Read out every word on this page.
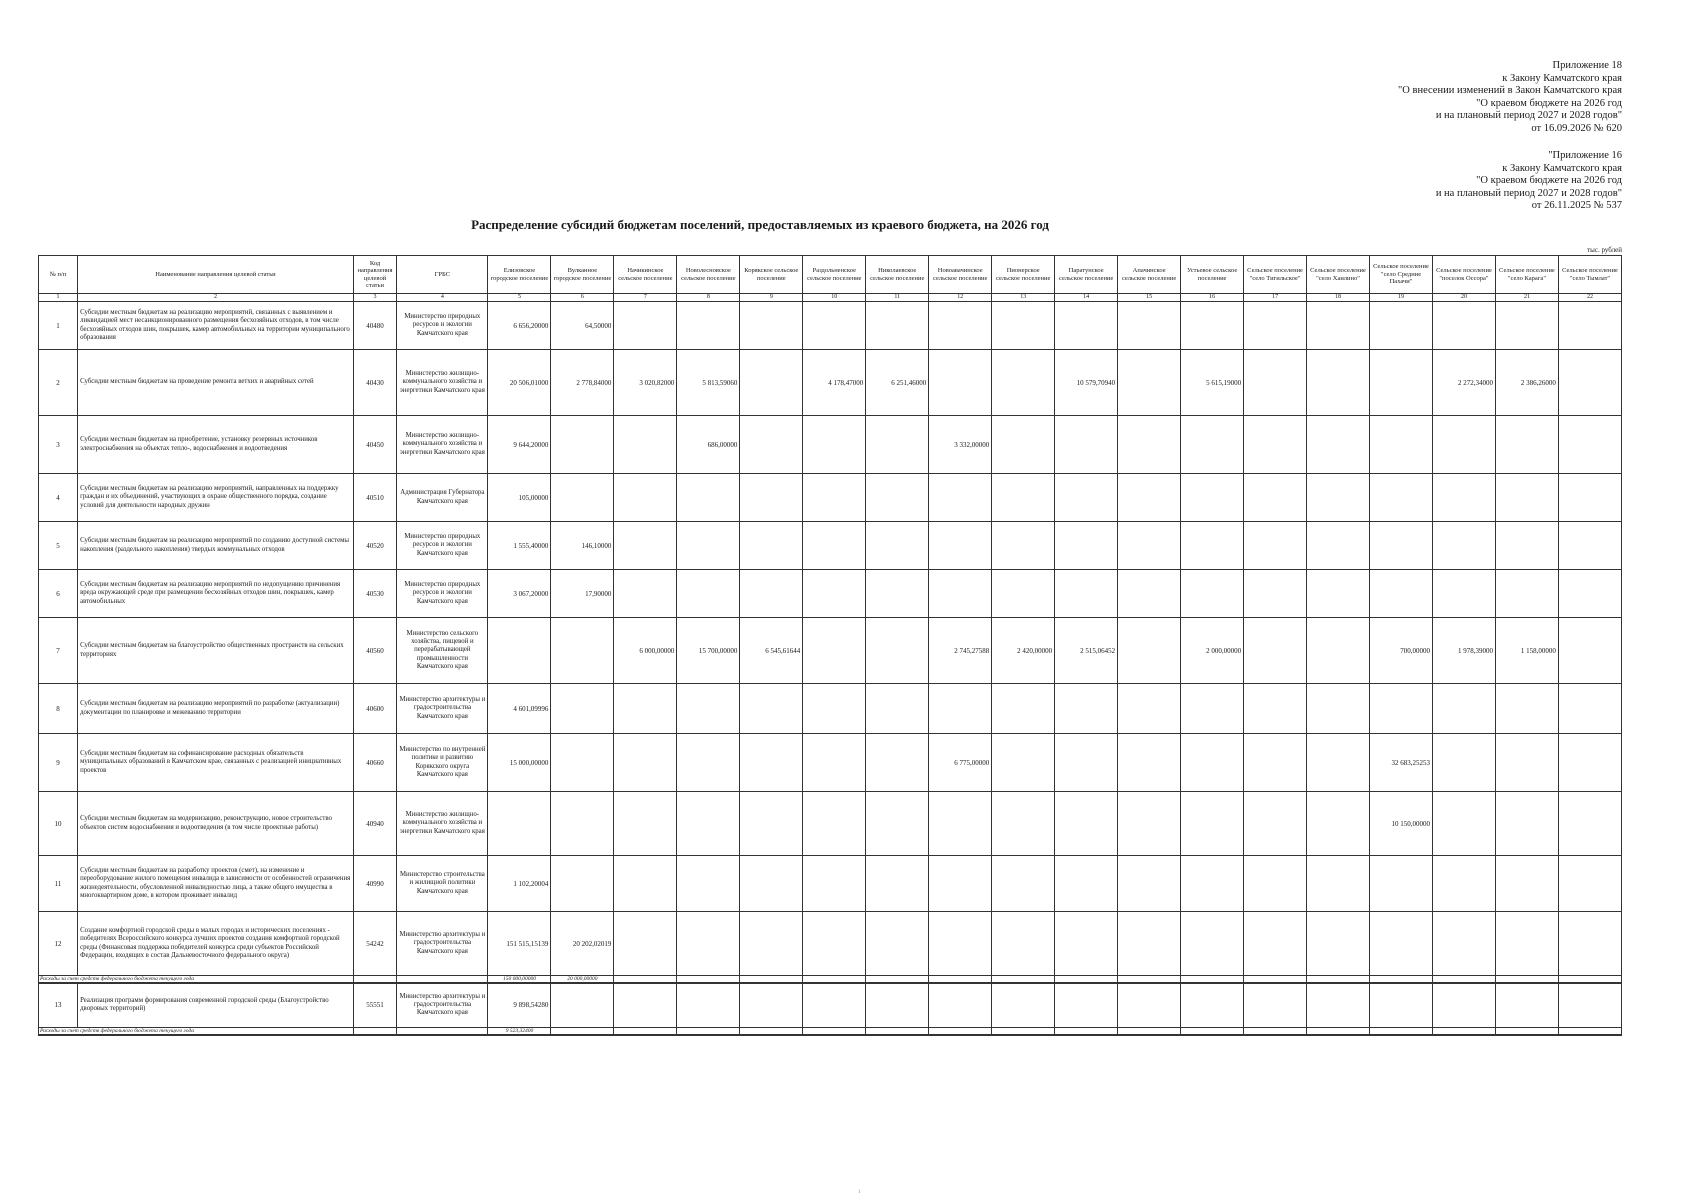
Приложение 18
к Закону Камчатского края
"О внесении изменений в Закон Камчатского края
"О краевом бюджете на 2026 год
и на плановый период 2027 и 2028 годов"
от 16.09.2026 № 620
"Приложение 16
к Закону Камчатского края
"О краевом бюджете на 2026 год
и на плановый период 2027 и 2028 годов"
от 26.11.2025 № 537
Распределение субсидий бюджетам поселений, предоставляемых из краевого бюджета, на 2026 год
тыс. рублей
№ п/п	Наименование направления целевой статьи	Код направления целевой статьи	ГРБС	Елизовское городское поселение	Вулканное городское поселение	Начикинское сельское поселение	Новолесновское сельское поселение	Корякское сельское поселение	Раздольненское сельское поселение	Николаевское сельское поселение	Новоавачинское сельское поселение	Пионерское сельское поселение	Паратунское сельское поселение	Апачинское сельское поселение	Устьевое сельское поселение	Сельское поселение "село Тигильское"	Сельское поселение "село Хаилино"	Сельское поселение "село Средние Пахачи"	Сельское поселение "поселок Оссора"	Сельское поселение "село Карага"	Сельское поселение "село Тымлат"
1	2	3	4	5	6	7	8	9	10	11	12	13	14	15	16	17	18	19	20	21	22
1	Субсидии местным бюджетам на реализацию мероприятий, связанных с выявлением и ликвидацией мест несанкционированного размещения бесхозяйных отходов, в том числе бесхозяйных отходов шин, покрышек, камер автомобильных на территории муниципального образования	40480	Министерство природных ресурсов и экологии Камчатского края	6 656,20000	64,50000																
2	Субсидии местным бюджетам на проведение ремонта ветхих и аварийных сетей	40430	Министерство жилищно-коммунального хозяйства и энергетики Камчатского края	20 506,01000	2 778,84000	3 020,82000	5 813,59060		4 178,47000	6 251,46000			10 579,70940		5 615,19000				2 272,34000	2 386,26000	
3	Субсидии местным бюджетам на приобретение, установку резервных источников электроснабжения на объектах тепло-, водоснабжения и водоотведения	40450	Министерство жилищно-коммунального хозяйства и энергетики Камчатского края	9 644,20000			686,00000				3 332,00000										
4	Субсидии местным бюджетам на реализацию мероприятий, направленных на поддержку граждан и их объединений, участвующих в охране общественного порядка, создание условий для деятельности народных дружин	40510	Администрация Губернатора Камчатского края	105,00000																	
5	Субсидии местным бюджетам на реализацию мероприятий по созданию доступной системы накопления (раздельного накопления) твердых коммунальных отходов	40520	Министерство природных ресурсов и экологии Камчатского края	1 555,40000	146,10000																
6	Субсидии местным бюджетам на реализацию мероприятий по недопущению причинения вреда окружающей среде при размещении бесхозяйных отходов шин, покрышек, камер автомобильных	40530	Министерство природных ресурсов и экологии Камчатского края	3 067,20000	17,90000																
7	Субсидии местным бюджетам на благоустройство общественных пространств на сельских территориях	40560	Министерство сельского хозяйства, пищевой и перерабатывающей промышленности Камчатского края			6 000,00000	15 700,00000	6 545,61644			2 745,27588	2 420,00000	2 515,06452		2 000,00000			700,00000	1 978,39000	1 158,00000	
8	Субсидии местным бюджетам на реализацию мероприятий по разработке (актуализации) документации по планировке и межеванию территории	40600	Министерство архитектуры и градостроительства Камчатского края	4 601,09996																	
9	Субсидии местным бюджетам на софинансирование расходных обязательств муниципальных образований в Камчатском крае, связанных с реализацией инициативных проектов	40660	Министерство по внутренней политике и развитию Корякского округа Камчатского края	15 000,00000							6 775,00000							32 683,25253			
10	Субсидии местным бюджетам на модернизацию, реконструкцию, новое строительство объектов систем водоснабжения и водоотведения (в том числе проектные работы)	40940	Министерство жилищно-коммунального хозяйства и энергетики Камчатского края															10 150,00000			
11	Субсидии местным бюджетам на разработку проектов (смет), на изменение и переоборудование жилого помещения инвалида в зависимости от особенностей ограничения жизнедеятельности, обусловленной инвалидностью лица, а также общего имущества в многоквартирном доме, в котором проживает инвалид	40990	Министерство строительства и жилищной политики Камчатского края	1 102,20004																	
12	Создание комфортной городской среды в малых городах и исторических поселениях - победителях Всероссийского конкурса лучших проектов создания комфортной городской среды (Финансовая поддержка победителей конкурса среди субъектов Российской Федерации, входящих в состав Дальневосточного федерального округа)	54242	Министерство архитектуры и градостроительства Камчатского края	151 515,15139	20 202,02019																
Расходы за счет средств федерального бюджета текущего года				150 000,00000	20 000,00000																
13	Реализация программ формирования современной городской среды (Благоустройство дворовых территорий)	55551	Министерство архитектуры и градостроительства Камчатского края	9 898,54280																	
Расходы за счет средств федерального бюджета текущего года				9 523,32400																	
1
